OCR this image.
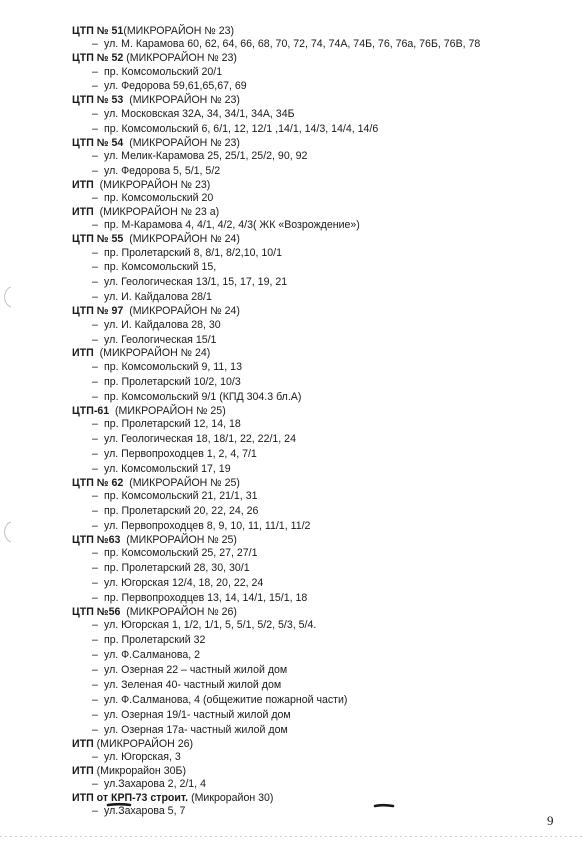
ЦТП № 51(МИКРОРАЙОН № 23)
– ул. М. Карамова 60, 62, 64, 66, 68, 70, 72, 74, 74А, 74Б, 76, 76а, 76Б, 76В, 78
ЦТП № 52 (МИКРОРАЙОН № 23)
– пр. Комсомольский 20/1
– ул. Федорова 59,61,65,67, 69
ЦТП № 53  (МИКРОРАЙОН № 23)
– ул. Московская 32А, 34, 34/1, 34А, 34Б
– пр. Комсомольский 6, 6/1, 12, 12/1 ,14/1, 14/3, 14/4, 14/6
ЦТП № 54  (МИКРОРАЙОН № 23)
– ул. Мелик-Карамова 25, 25/1, 25/2, 90, 92
– ул. Федорова 5, 5/1, 5/2
ИТП  (МИКРОРАЙОН № 23)
– пр. Комсомольский 20
ИТП  (МИКРОРАЙОН № 23 а)
– пр. М-Карамова 4, 4/1, 4/2, 4/3( ЖК «Возрождение»)
ЦТП № 55  (МИКРОРАЙОН № 24)
– пр. Пролетарский 8, 8/1, 8/2,10, 10/1
– пр. Комсомольский 15,
– ул. Геологическая 13/1, 15, 17, 19, 21
– ул. И. Кайдалова 28/1
ЦТП № 97  (МИКРОРАЙОН № 24)
– ул. И. Кайдалова 28, 30
– ул. Геологическая 15/1
ИТП  (МИКРОРАЙОН № 24)
– пр. Комсомольский 9, 11, 13
– пр. Пролетарский 10/2, 10/3
– пр. Комсомольский 9/1 (КПД 304.3 бл.А)
ЦТП-61  (МИКРОРАЙОН № 25)
– пр. Пролетарский 12, 14, 18
– ул. Геологическая 18, 18/1, 22, 22/1, 24
– ул. Первопроходцев 1, 2, 4, 7/1
– ул. Комсомольский 17, 19
ЦТП № 62  (МИКРОРАЙОН № 25)
– пр. Комсомольский 21, 21/1, 31
– пр. Пролетарский 20, 22, 24, 26
– ул. Первопроходцев 8, 9, 10, 11, 11/1, 11/2
ЦТП №63  (МИКРОРАЙОН № 25)
– пр. Комсомольский 25, 27, 27/1
– пр. Пролетарский 28, 30, 30/1
– ул. Югорская 12/4, 18, 20, 22, 24
– пр. Первопроходцев 13, 14, 14/1, 15/1, 18
ЦТП №56  (МИКРОРАЙОН № 26)
– ул. Югорская 1, 1/2, 1/1, 5, 5/1, 5/2, 5/3, 5/4.
– пр. Пролетарский 32
– ул. Ф.Салманова, 2
– ул. Озерная 22 – частный жилой дом
– ул. Зеленая 40- частный жилой дом
– ул. Ф.Салманова, 4 (общежитие пожарной части)
– ул. Озерная 19/1- частный жилой дом
– ул. Озерная 17а- частный жилой дом
ИТП (МИКРОРАЙОН 26)
– ул. Югорская, 3
ИТП (Микрорайон 30Б)
– ул.Захарова 2, 2/1, 4
ИТП от КРП-73 строит. (Микрорайон 30)
– ул.Захарова 5, 7
9
